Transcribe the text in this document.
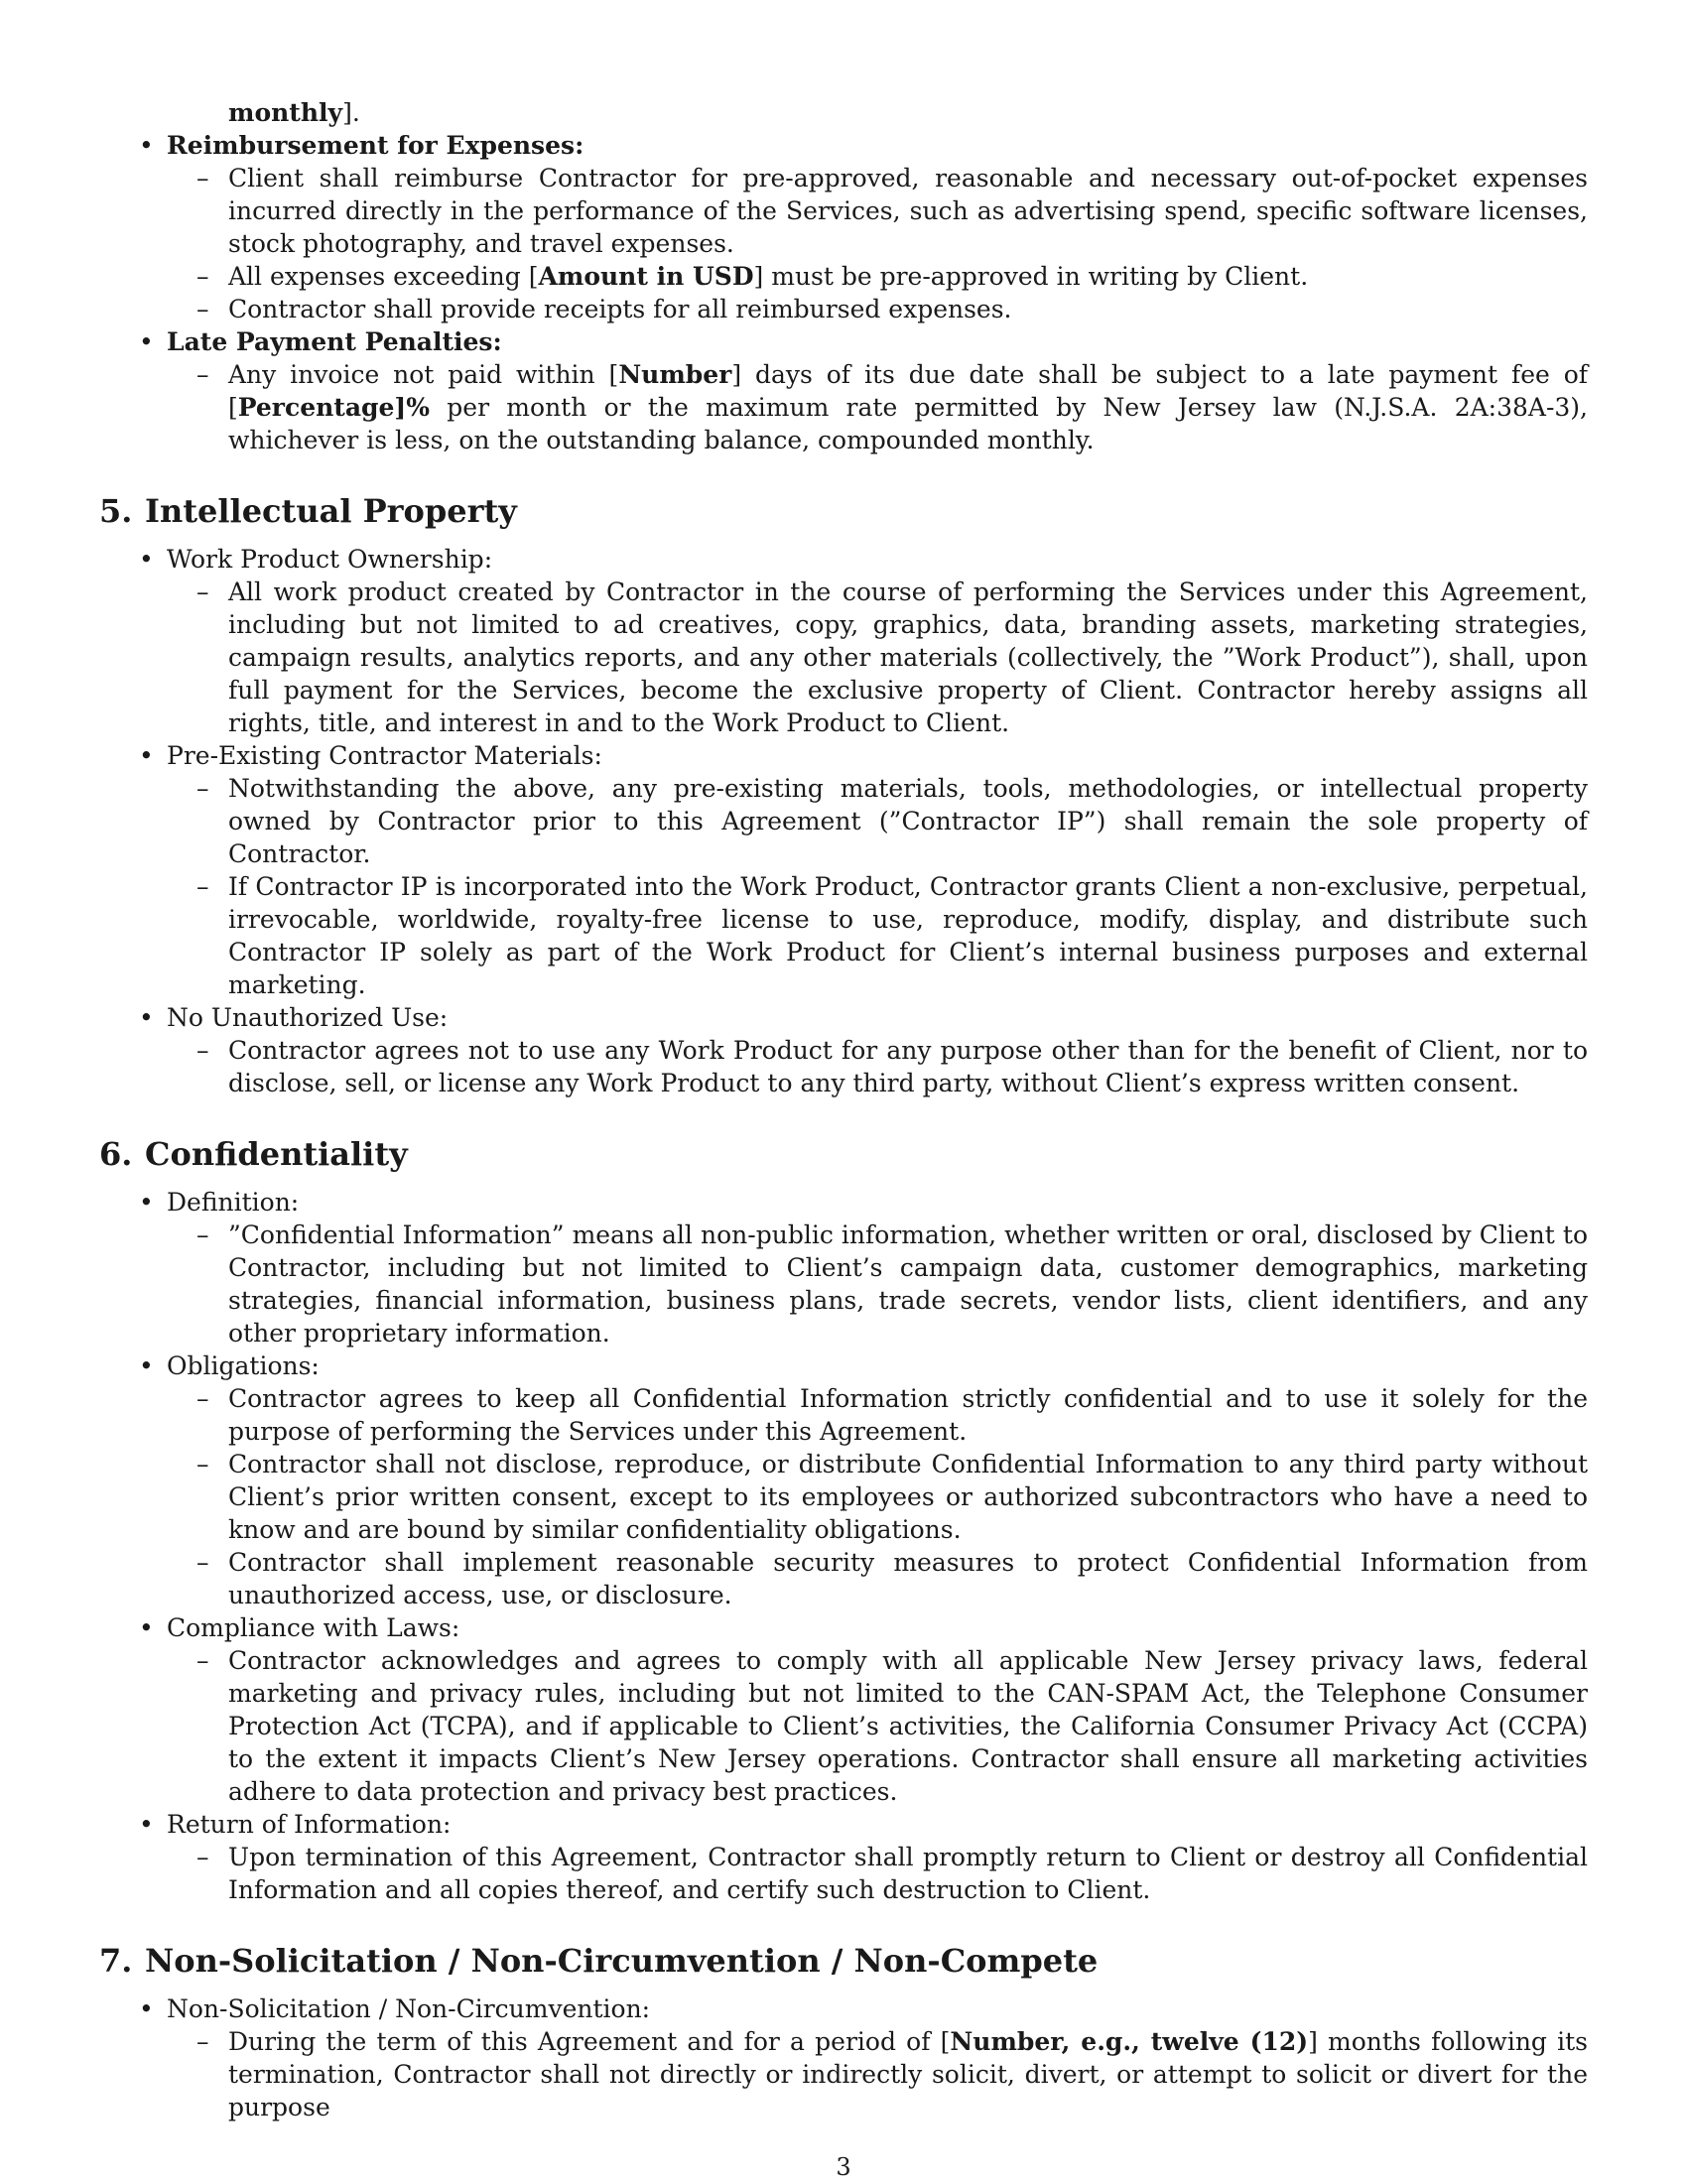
monthly].
• Reimbursement for Expenses:
– Client shall reimburse Contractor for pre-approved, reasonable and necessary out-of-pocket expenses incurred directly in the performance of the Services, such as advertising spend, specific software licenses, stock photography, and travel expenses.
– All expenses exceeding [Amount in USD] must be pre-approved in writing by Client.
– Contractor shall provide receipts for all reimbursed expenses.
• Late Payment Penalties:
– Any invoice not paid within [Number] days of its due date shall be subject to a late payment fee of [Percentage]% per month or the maximum rate permitted by New Jersey law (N.J.S.A. 2A:38A-3), whichever is less, on the outstanding balance, compounded monthly.
5. Intellectual Property
• Work Product Ownership:
– All work product created by Contractor in the course of performing the Services under this Agreement, including but not limited to ad creatives, copy, graphics, data, branding assets, marketing strategies, campaign results, analytics reports, and any other materials (collectively, the ”Work Product”), shall, upon full payment for the Services, become the exclusive property of Client. Contractor hereby assigns all rights, title, and interest in and to the Work Product to Client.
• Pre-Existing Contractor Materials:
– Notwithstanding the above, any pre-existing materials, tools, methodologies, or intellectual property owned by Contractor prior to this Agreement (”Contractor IP”) shall remain the sole property of Contractor.
– If Contractor IP is incorporated into the Work Product, Contractor grants Client a non-exclusive, perpetual, irrevocable, worldwide, royalty-free license to use, reproduce, modify, display, and distribute such Contractor IP solely as part of the Work Product for Client’s internal business purposes and external marketing.
• No Unauthorized Use:
– Contractor agrees not to use any Work Product for any purpose other than for the benefit of Client, nor to disclose, sell, or license any Work Product to any third party, without Client’s express written consent.
6. Confidentiality
• Definition:
– ”Confidential Information” means all non-public information, whether written or oral, disclosed by Client to Contractor, including but not limited to Client’s campaign data, customer demographics, marketing strategies, financial information, business plans, trade secrets, vendor lists, client identifiers, and any other proprietary information.
• Obligations:
– Contractor agrees to keep all Confidential Information strictly confidential and to use it solely for the purpose of performing the Services under this Agreement.
– Contractor shall not disclose, reproduce, or distribute Confidential Information to any third party without Client’s prior written consent, except to its employees or authorized subcontractors who have a need to know and are bound by similar confidentiality obligations.
– Contractor shall implement reasonable security measures to protect Confidential Information from unauthorized access, use, or disclosure.
• Compliance with Laws:
– Contractor acknowledges and agrees to comply with all applicable New Jersey privacy laws, federal marketing and privacy rules, including but not limited to the CAN-SPAM Act, the Telephone Consumer Protection Act (TCPA), and if applicable to Client’s activities, the California Consumer Privacy Act (CCPA) to the extent it impacts Client’s New Jersey operations. Contractor shall ensure all marketing activities adhere to data protection and privacy best practices.
• Return of Information:
– Upon termination of this Agreement, Contractor shall promptly return to Client or destroy all Confidential Information and all copies thereof, and certify such destruction to Client.
7. Non-Solicitation / Non-Circumvention / Non-Compete
• Non-Solicitation / Non-Circumvention:
– During the term of this Agreement and for a period of [Number, e.g., twelve (12)] months following its termination, Contractor shall not directly or indirectly solicit, divert, or attempt to solicit or divert for the purpose
3
